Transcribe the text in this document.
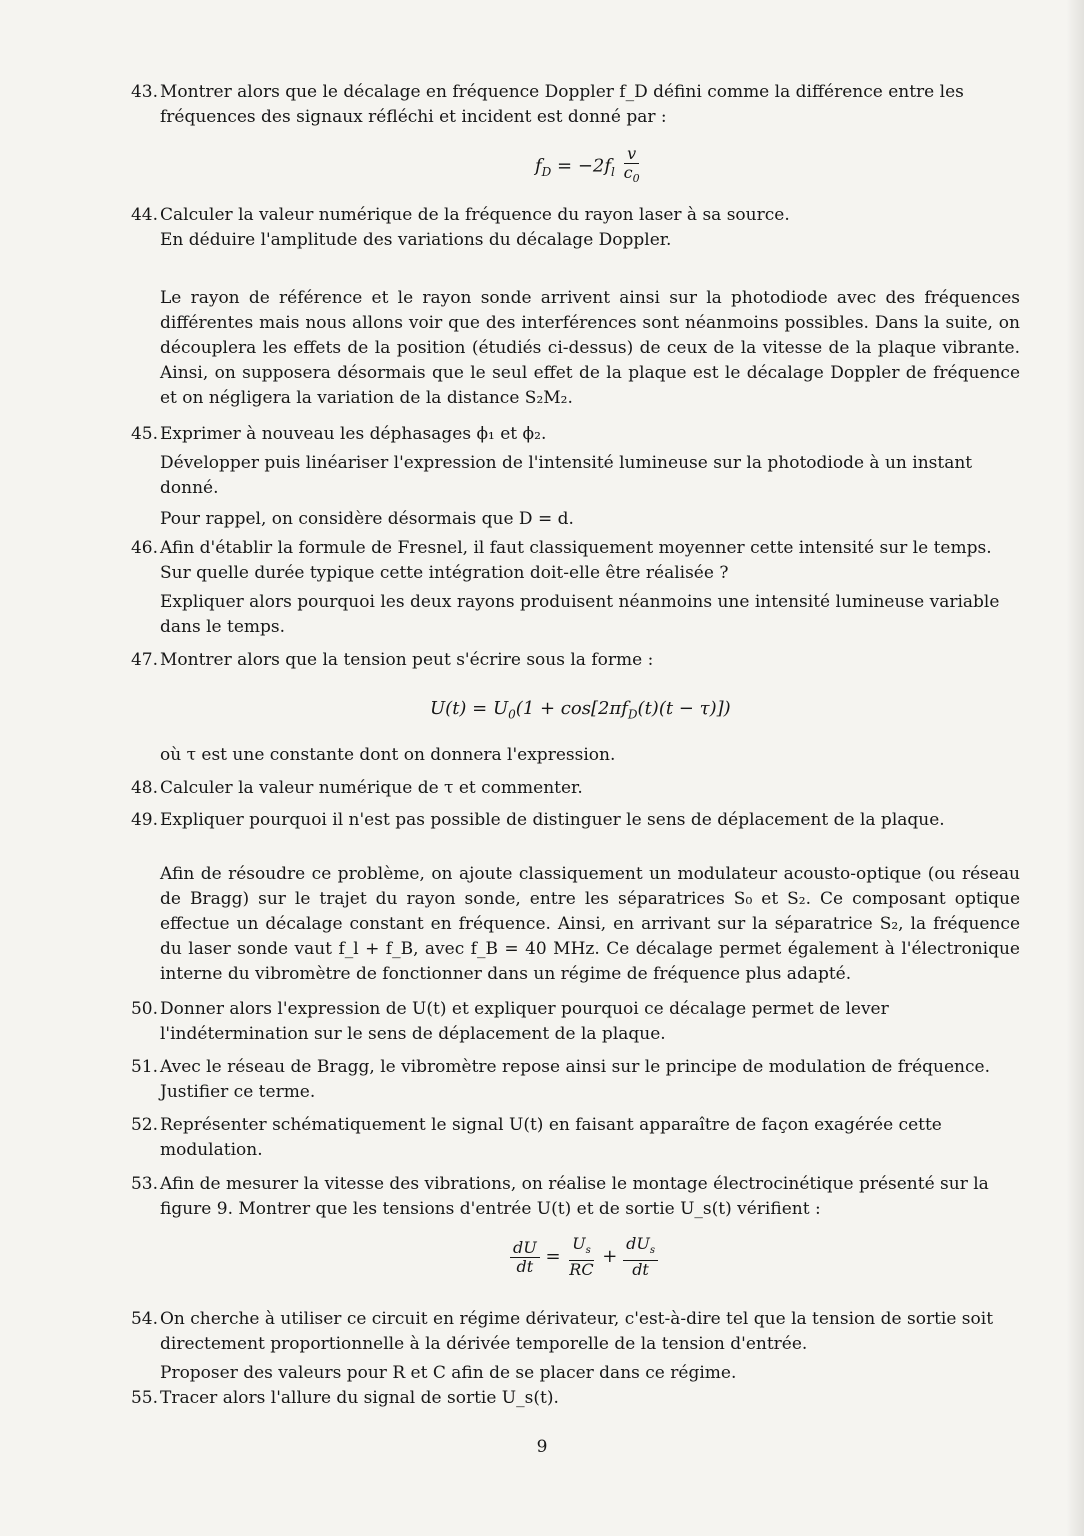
43. Montrer alors que le décalage en fréquence Doppler f_D défini comme la différence entre les fréquences des signaux réfléchi et incident est donné par :

$f_D = -2f_l \frac{v}{c_0}$
44. Calculer la valeur numérique de la fréquence du rayon laser à sa source.

En déduire l'amplitude des variations du décalage Doppler.

Le rayon de référence et le rayon sonde arrivent ainsi sur la photodiode avec des fréquences différentes mais nous allons voir que des interférences sont néanmoins possibles. Dans la suite, on découplera les effets de la position (étudiés ci-dessus) de ceux de la vitesse de la plaque vibrante. Ainsi, on supposera désormais que le seul effet de la plaque est le décalage Doppler de fréquence et on négligera la variation de la distance S₂M₂.
45. Exprimer à nouveau les déphasages ϕ₁ et ϕ₂.

Développer puis linéariser l'expression de l'intensité lumineuse sur la photodiode à un instant donné.

Pour rappel, on considère désormais que D = d.

46. Afin d'établir la formule de Fresnel, il faut classiquement moyenner cette intensité sur le temps. Sur quelle durée typique cette intégration doit-elle être réalisée ?

Expliquer alors pourquoi les deux rayons produisent néanmoins une intensité lumineuse variable dans le temps.

47. Montrer alors que la tension peut s'écrire sous la forme :

$U(t) = U_0(1 + \cos[2\pi f_D(t)(t - \tau)])$

où τ est une constante dont on donnera l'expression.

48. Calculer la valeur numérique de τ et commenter.

49. Expliquer pourquoi il n'est pas possible de distinguer le sens de déplacement de la plaque.

Afin de résoudre ce problème, on ajoute classiquement un modulateur acousto-optique (ou réseau de Bragg) sur le trajet du rayon sonde, entre les séparatrices S₀ et S₂. Ce composant optique effectue un décalage constant en fréquence. Ainsi, en arrivant sur la séparatrice S₂, la fréquence du laser sonde vaut f_l + f_B, avec f_B = 40 MHz. Ce décalage permet également à l'électronique interne du vibromètre de fonctionner dans un régime de fréquence plus adapté.
50. Donner alors l'expression de U(t) et expliquer pourquoi ce décalage permet de lever l'indétermination sur le sens de déplacement de la plaque.

51. Avec le réseau de Bragg, le vibromètre repose ainsi sur le principe de modulation de fréquence. Justifier ce terme.

52. Représenter schématiquement le signal U(t) en faisant apparaître de façon exagérée cette modulation.

53. Afin de mesurer la vitesse des vibrations, on réalise le montage électrocinétique présenté sur la figure 9. Montrer que les tensions d'entrée U(t) et de sortie U_s(t) vérifient :

$\frac{dU}{dt} = \frac{U_s}{RC} + \frac{dU_s}{dt}$
54. On cherche à utiliser ce circuit en régime dérivateur, c'est-à-dire tel que la tension de sortie soit directement proportionnelle à la dérivée temporelle de la tension d'entrée.

Proposer des valeurs pour R et C afin de se placer dans ce régime.

55. Tracer alors l'allure du signal de sortie U_s(t).

9
